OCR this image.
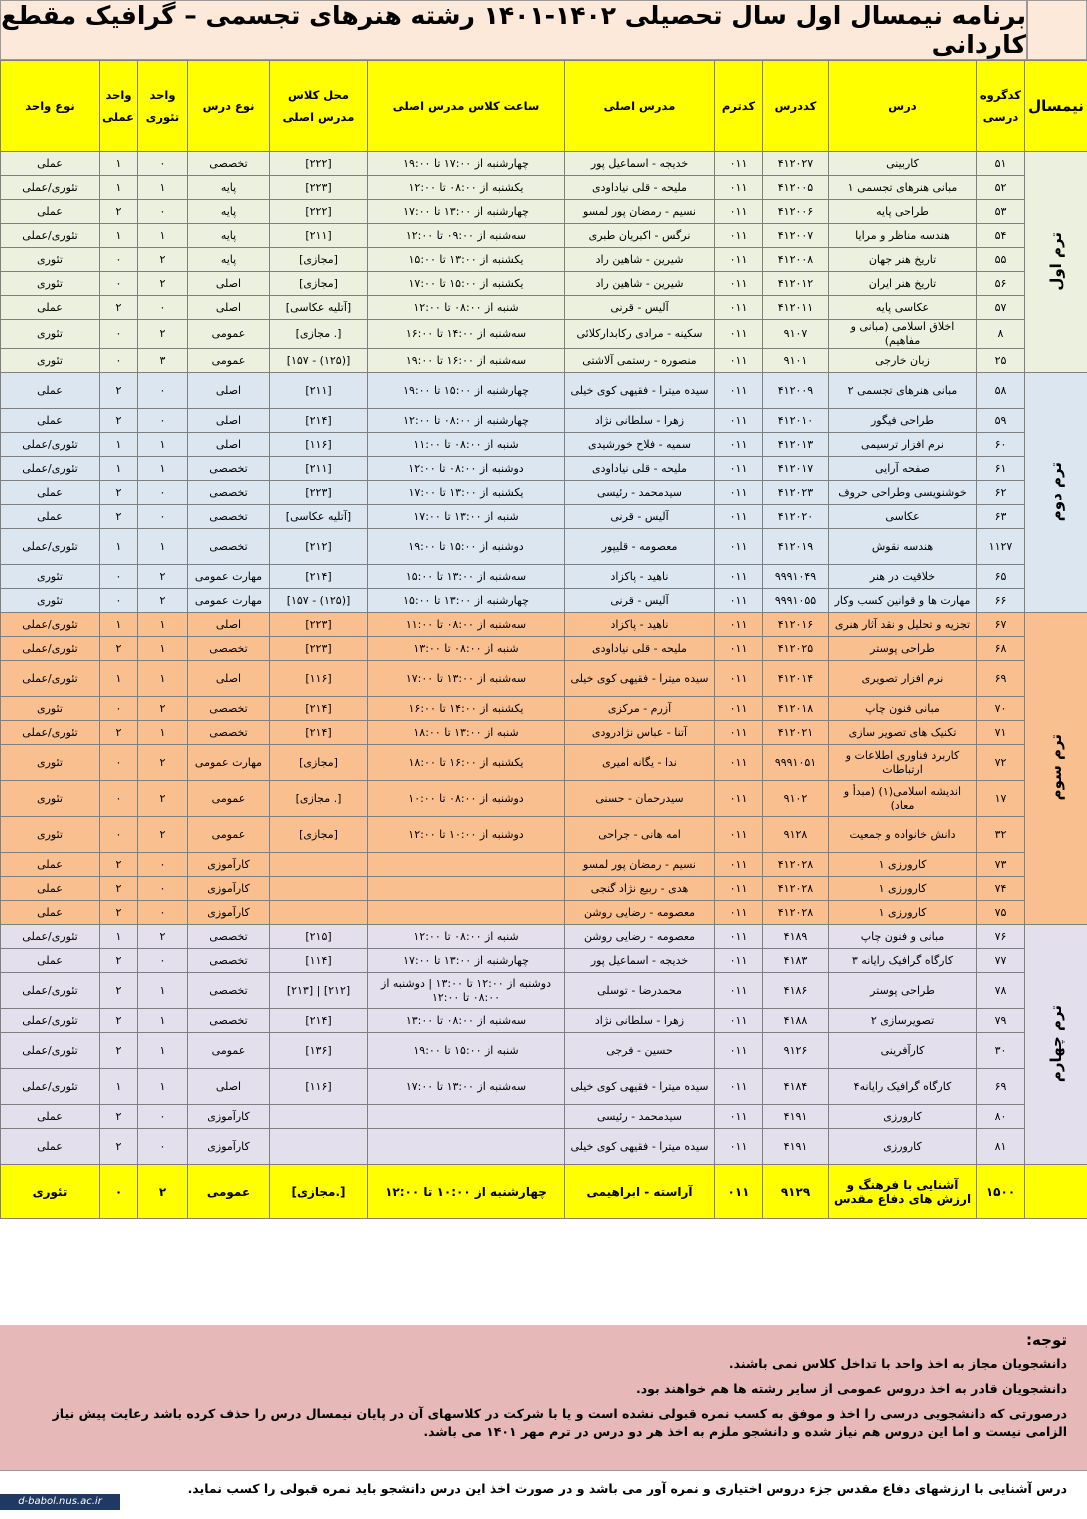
برنامه نیمسال اول سال تحصیلی ۱۴۰۲-۱۴۰۱ رشته هنرهای تجسمی – گرافیک مقطع کاردانی
نیمسال	کدگروه درسی	درس	کددرس	کدترم	مدرس اصلی	ساعت کلاس مدرس اصلی	محل کلاس مدرس اصلی	نوع درس	واحد تئوری	واحد عملی	نوع واحد
ترم اول	۵۱	کاربینی	۴۱۲۰۲۷	۰۱۱	خدیجه - اسماعیل پور	چهارشنبه از ۱۷:۰۰ تا ۱۹:۰۰	[۲۲۲]	تخصصی	۰	۱	عملی
	۵۲	مبانی هنرهای تجسمی ۱	۴۱۲۰۰۵	۰۱۱	ملیحه - قلی نیاداودی	یکشنبه از ۰۸:۰۰ تا ۱۲:۰۰	[۲۲۳]	پایه	۱	۱	تئوری/عملی
	۵۳	طراحی پایه	۴۱۲۰۰۶	۰۱۱	نسیم - رمضان پور لمسو	چهارشنبه از ۱۳:۰۰ تا ۱۷:۰۰	[۲۲۲]	پایه	۰	۲	عملی
	۵۴	هندسه مناظر و مرایا	۴۱۲۰۰۷	۰۱۱	نرگس - اکبریان طبری	سه‌شنبه از ۰۹:۰۰ تا ۱۲:۰۰	[۲۱۱]	پایه	۱	۱	تئوری/عملی
	۵۵	تاریخ هنر جهان	۴۱۲۰۰۸	۰۱۱	شیرین - شاهین راد	یکشنبه از ۱۳:۰۰ تا ۱۵:۰۰	[مجازی]	پایه	۲	۰	تئوری
	۵۶	تاریخ هنر ایران	۴۱۲۰۱۲	۰۱۱	شیرین - شاهین راد	یکشنبه از ۱۵:۰۰ تا ۱۷:۰۰	[مجازی]	اصلی	۲	۰	تئوری
	۵۷	عکاسی پایه	۴۱۲۰۱۱	۰۱۱	آلیس - قرنی	شنبه از ۰۸:۰۰ تا ۱۲:۰۰	[آتلیه عکاسی]	اصلی	۰	۲	عملی
	۸	اخلاق اسلامی (مبانی و مفاهیم)	۹۱۰۷	۰۱۱	سکینه - مرادی رکابدارکلائی	سه‌شنبه از ۱۴:۰۰ تا ۱۶:۰۰	[. مجازی]	عمومی	۲	۰	تئوری
	۲۵	زبان خارجی	۹۱۰۱	۰۱۱	منصوره - رستمی آلاشتی	سه‌شنبه از ۱۶:۰۰ تا ۱۹:۰۰	[(۱۲۵) - ۱۵۷]	عمومی	۳	۰	تئوری
ترم دوم	۵۸	مبانی هنرهای تجسمی ۲	۴۱۲۰۰۹	۰۱۱	سیده میترا - فقیهی کوی خیلی	چهارشنبه از ۱۵:۰۰ تا ۱۹:۰۰	[۲۱۱]	اصلی	۰	۲	عملی
	۵۹	طراحی فیگور	۴۱۲۰۱۰	۰۱۱	زهرا - سلطانی نژاد	چهارشنبه از ۰۸:۰۰ تا ۱۲:۰۰	[۲۱۴]	اصلی	۰	۲	عملی
	۶۰	نرم افزار ترسیمی	۴۱۲۰۱۳	۰۱۱	سمیه - فلاح خورشیدی	شنبه از ۰۸:۰۰ تا ۱۱:۰۰	[۱۱۶]	اصلی	۱	۱	تئوری/عملی
	۶۱	صفحه آرایی	۴۱۲۰۱۷	۰۱۱	ملیحه - قلی نیاداودی	دوشنبه از ۰۸:۰۰ تا ۱۲:۰۰	[۲۱۱]	تخصصی	۱	۱	تئوری/عملی
	۶۲	خوشنویسی وطراحی حروف	۴۱۲۰۲۳	۰۱۱	سیدمحمد - رئیسی	یکشنبه از ۱۳:۰۰ تا ۱۷:۰۰	[۲۲۳]	تخصصی	۰	۲	عملی
	۶۳	عکاسی	۴۱۲۰۲۰	۰۱۱	آلیس - قرنی	شنبه از ۱۳:۰۰ تا ۱۷:۰۰	[آتلیه عکاسی]	تخصصی	۰	۲	عملی
	۱۱۲۷	هندسه نقوش	۴۱۲۰۱۹	۰۱۱	معصومه - قلیپور	دوشنبه از ۱۵:۰۰ تا ۱۹:۰۰	[۲۱۲]	تخصصی	۱	۱	تئوری/عملی
	۶۵	خلاقیت در هنر	۹۹۹۱۰۴۹	۰۱۱	ناهید - پاکزاد	سه‌شنبه از ۱۳:۰۰ تا ۱۵:۰۰	[۲۱۴]	مهارت عمومی	۲	۰	تئوری
	۶۶	مهارت ها و قوانین کسب وکار	۹۹۹۱۰۵۵	۰۱۱	آلیس - قرنی	چهارشنبه از ۱۳:۰۰ تا ۱۵:۰۰	[(۱۲۵) - ۱۵۷]	مهارت عمومی	۲	۰	تئوری
ترم سوم	۶۷	تجزیه و تحلیل و نقد آثار هنری	۴۱۲۰۱۶	۰۱۱	ناهید - پاکزاد	سه‌شنبه از ۰۸:۰۰ تا ۱۱:۰۰	[۲۲۳]	اصلی	۱	۱	تئوری/عملی
	۶۸	طراحی پوستر	۴۱۲۰۲۵	۰۱۱	ملیحه - قلی نیاداودی	شنبه از ۰۸:۰۰ تا ۱۳:۰۰	[۲۲۳]	تخصصی	۱	۲	تئوری/عملی
	۶۹	نرم افزار تصویری	۴۱۲۰۱۴	۰۱۱	سیده میترا - فقیهی کوی خیلی	سه‌شنبه از ۱۳:۰۰ تا ۱۷:۰۰	[۱۱۶]	اصلی	۱	۱	تئوری/عملی
	۷۰	مبانی فنون چاپ	۴۱۲۰۱۸	۰۱۱	آزرم - مرکزی	یکشنبه از ۱۴:۰۰ تا ۱۶:۰۰	[۲۱۴]	تخصصی	۲	۰	تئوری
	۷۱	تکنیک های تصویر سازی	۴۱۲۰۲۱	۰۱۱	آتنا - عباس نژادرودی	شنبه از ۱۳:۰۰ تا ۱۸:۰۰	[۲۱۴]	تخصصی	۱	۲	تئوری/عملی
	۷۲	کاربرد فناوری اطلاعات و ارتباطات	۹۹۹۱۰۵۱	۰۱۱	ندا - یگانه امیری	یکشنبه از ۱۶:۰۰ تا ۱۸:۰۰	[مجازی]	مهارت عمومی	۲	۰	تئوری
	۱۷	اندیشه اسلامی(۱) (مبدأ و معاد)	۹۱۰۲	۰۱۱	سیدرحمان - حسنی	دوشنبه از ۰۸:۰۰ تا ۱۰:۰۰	[. مجازی]	عمومی	۲	۰	تئوری
	۳۲	دانش خانواده و جمعیت	۹۱۲۸	۰۱۱	امه هانی - جراحی	دوشنبه از ۱۰:۰۰ تا ۱۲:۰۰	[مجازی]	عمومی	۲	۰	تئوری
	۷۳	کارورزی ۱	۴۱۲۰۲۸	۰۱۱	نسیم - رمضان پور لمسو			کارآموزی	۰	۲	عملی
	۷۴	کارورزی ۱	۴۱۲۰۲۸	۰۱۱	هدی - ربیع نژاد گنجی			کارآموزی	۰	۲	عملی
	۷۵	کارورزی ۱	۴۱۲۰۲۸	۰۱۱	معصومه - رضایی روشن			کارآموزی	۰	۲	عملی
ترم چهارم	۷۶	مبانی و فنون چاپ	۴۱۸۹	۰۱۱	معصومه - رضایی روشن	شنبه از ۰۸:۰۰ تا ۱۲:۰۰	[۲۱۵]	تخصصی	۲	۱	تئوری/عملی
	۷۷	کارگاه گرافیک رایانه ۳	۴۱۸۳	۰۱۱	خدیجه - اسماعیل پور	چهارشنبه از ۱۳:۰۰ تا ۱۷:۰۰	[۱۱۴]	تخصصی	۰	۲	عملی
	۷۸	طراحی پوستر	۴۱۸۶	۰۱۱	محمدرضا - توسلی	دوشنبه از ۱۲:۰۰ تا ۱۳:۰۰ | دوشنبه از ۰۸:۰۰ تا ۱۲:۰۰	[۲۱۲] | [۲۱۳]	تخصصی	۱	۲	تئوری/عملی
	۷۹	تصویرسازی ۲	۴۱۸۸	۰۱۱	زهرا - سلطانی نژاد	سه‌شنبه از ۰۸:۰۰ تا ۱۳:۰۰	[۲۱۴]	تخصصی	۱	۲	تئوری/عملی
	۳۰	کارآفرینی	۹۱۲۶	۰۱۱	حسین - فرجی	شنبه از ۱۵:۰۰ تا ۱۹:۰۰	[۱۳۶]	عمومی	۱	۲	تئوری/عملی
	۶۹	کارگاه گرافیک رایانه۴	۴۱۸۴	۰۱۱	سیده میترا - فقیهی کوی خیلی	سه‌شنبه از ۱۳:۰۰ تا ۱۷:۰۰	[۱۱۶]	اصلی	۱	۱	تئوری/عملی
	۸۰	کارورزی	۴۱۹۱	۰۱۱	سیدمحمد - رئیسی			کارآموزی	۰	۲	عملی
	۸۱	کارورزی	۴۱۹۱	۰۱۱	سیده میترا - فقیهی کوی خیلی			کارآموزی	۰	۲	عملی
	۱۵۰۰	آشنایی با فرهنگ و ارزش های دفاع مقدس	۹۱۲۹	۰۱۱	آراسته - ابراهیمی	چهارشنبه از ۱۰:۰۰ تا ۱۲:۰۰	[.مجازی]	عمومی	۲	۰	تئوری
توجه:

دانشجویان مجاز به اخذ واحد با تداخل کلاس نمی باشند.

دانشجویان قادر به اخذ دروس عمومی از سایر رشته ها هم خواهند بود.

درصورتی که دانشجویی درسی را اخذ و موفق به کسب نمره قبولی نشده است و یا با شرکت در کلاسهای آن در پایان نیمسال درس را حذف کرده باشد رعایت پیش نیاز الزامی نیست و اما این دروس هم نیاز شده و دانشجو ملزم به اخذ هر دو درس در ترم مهر ۱۴۰۱ می باشد.

درس آشنایی با ارزشهای دفاع مقدس جزء دروس اختیاری و نمره آور می باشد و در صورت اخذ این درس دانشجو باید نمره قبولی را کسب نماید.
d-babol.nus.ac.ir
